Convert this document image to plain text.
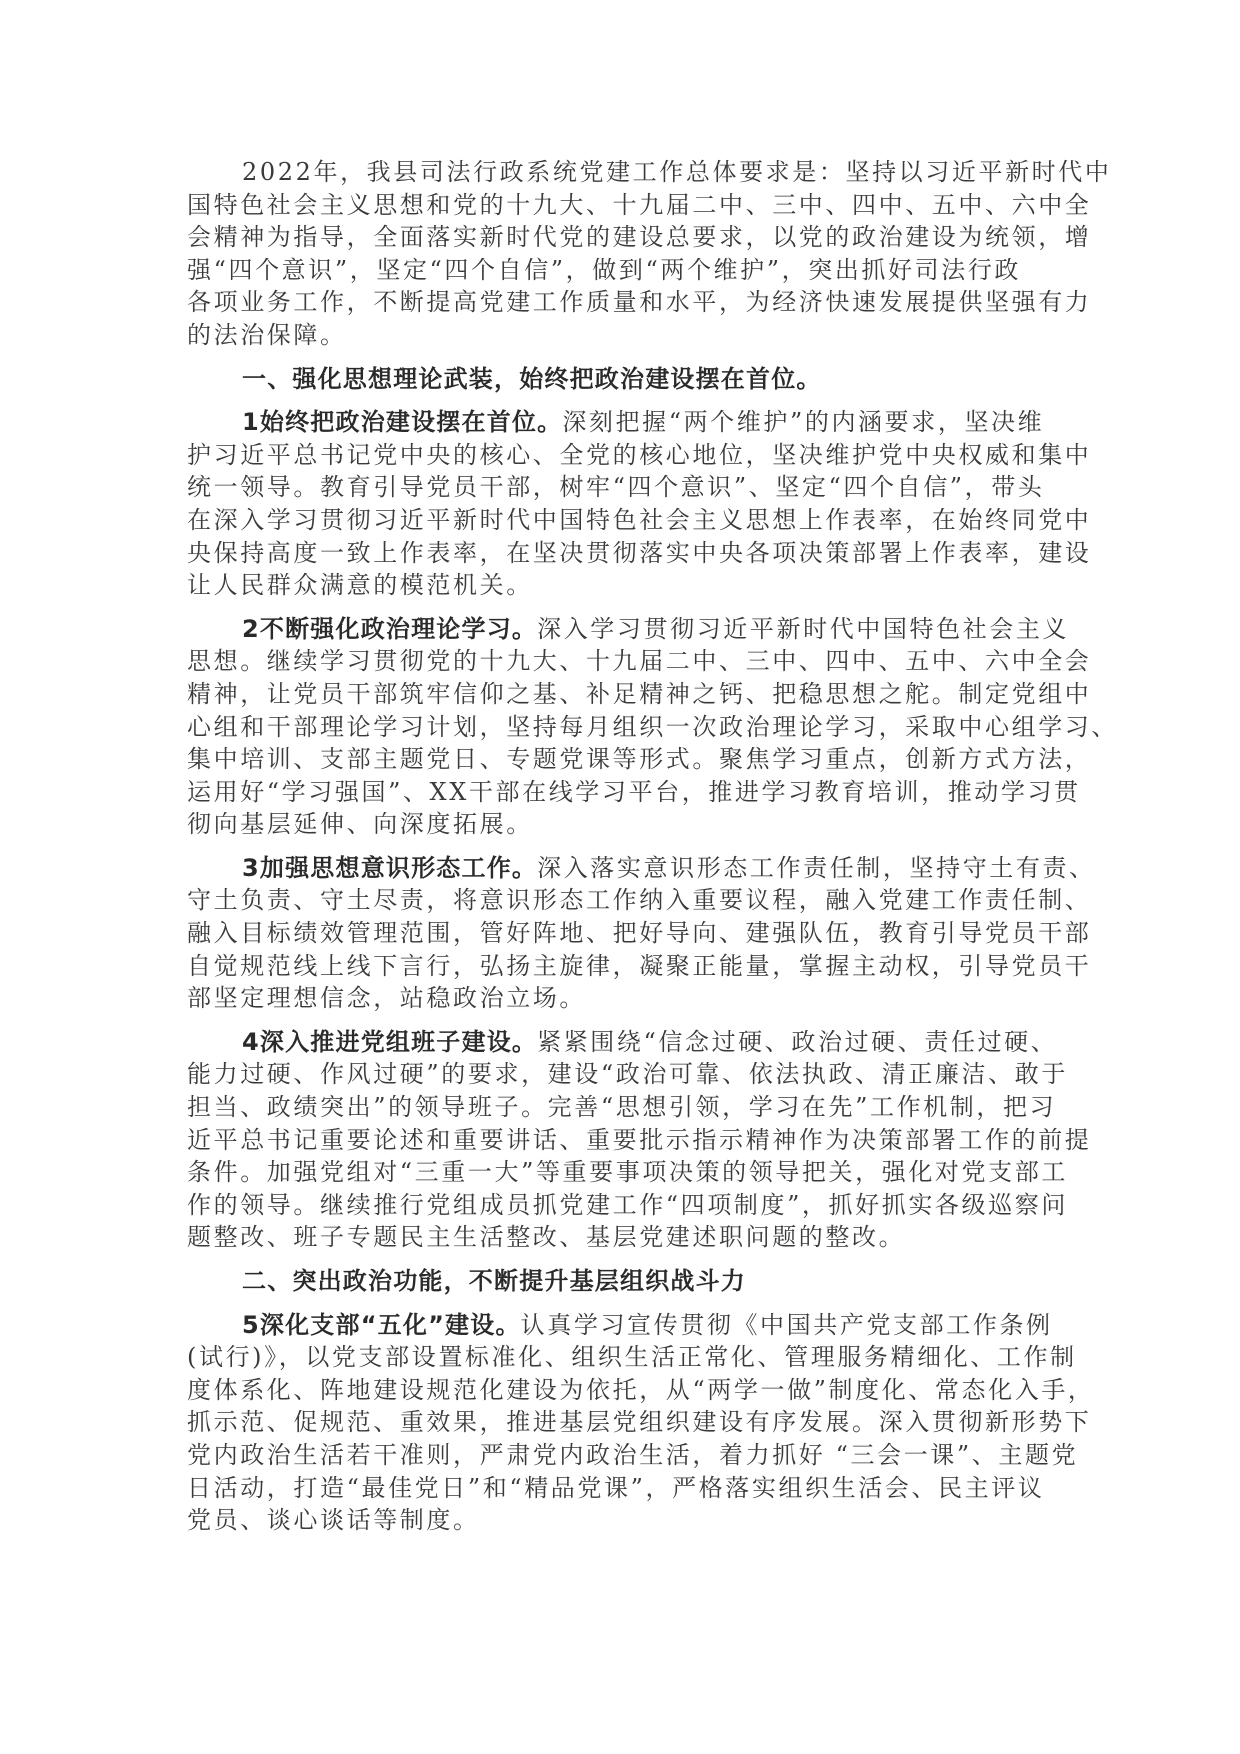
2022年，我县司法行政系统党建工作总体要求是：坚持以习近平新时代中
国特色社会主义思想和党的十九大、十九届二中、三中、四中、五中、六中全
会精神为指导，全面落实新时代党的建设总要求，以党的政治建设为统领，增
强“四个意识”，坚定“四个自信”，做到“两个维护”，突出抓好司法行政
各项业务工作，不断提高党建工作质量和水平，为经济快速发展提供坚强有力
的法治保障。

一、强化思想理论武装，始终把政治建设摆在首位。

1始终把政治建设摆在首位。深刻把握“两个维护”的内涵要求，坚决维
护习近平总书记党中央的核心、全党的核心地位，坚决维护党中央权威和集中
统一领导。教育引导党员干部，树牢“四个意识”、坚定“四个自信”，带头
在深入学习贯彻习近平新时代中国特色社会主义思想上作表率，在始终同党中
央保持高度一致上作表率，在坚决贯彻落实中央各项决策部署上作表率，建设
让人民群众满意的模范机关。

2不断强化政治理论学习。深入学习贯彻习近平新时代中国特色社会主义
思想。继续学习贯彻党的十九大、十九届二中、三中、四中、五中、六中全会
精神，让党员干部筑牢信仰之基、补足精神之钙、把稳思想之舵。制定党组中
心组和干部理论学习计划，坚持每月组织一次政治理论学习，采取中心组学习、
集中培训、支部主题党日、专题党课等形式。聚焦学习重点，创新方式方法，
运用好“学习强国”、XX干部在线学习平台，推进学习教育培训，推动学习贯
彻向基层延伸、向深度拓展。

3加强思想意识形态工作。深入落实意识形态工作责任制，坚持守土有责、
守土负责、守土尽责，将意识形态工作纳入重要议程，融入党建工作责任制、
融入目标绩效管理范围，管好阵地、把好导向、建强队伍，教育引导党员干部
自觉规范线上线下言行，弘扬主旋律，凝聚正能量，掌握主动权，引导党员干
部坚定理想信念，站稳政治立场。

4深入推进党组班子建设。紧紧围绕“信念过硬、政治过硬、责任过硬、
能力过硬、作风过硬”的要求，建设“政治可靠、依法执政、清正廉洁、敢于
担当、政绩突出”的领导班子。完善“思想引领，学习在先”工作机制，把习
近平总书记重要论述和重要讲话、重要批示指示精神作为决策部署工作的前提
条件。加强党组对“三重一大”等重要事项决策的领导把关，强化对党支部工
作的领导。继续推行党组成员抓党建工作“四项制度”，抓好抓实各级巡察问
题整改、班子专题民主生活整改、基层党建述职问题的整改。

二、突出政治功能，不断提升基层组织战斗力

5深化支部“五化”建设。认真学习宣传贯彻《中国共产党支部工作条例
(试行)》，以党支部设置标准化、组织生活正常化、管理服务精细化、工作制
度体系化、阵地建设规范化建设为依托，从“两学一做”制度化、常态化入手，
抓示范、促规范、重效果，推进基层党组织建设有序发展。深入贯彻新形势下
党内政治生活若干准则，严肃党内政治生活，着力抓好 “三会一课”、主题党
日活动，打造“最佳党日”和“精品党课”，严格落实组织生活会、民主评议
党员、谈心谈话等制度。
